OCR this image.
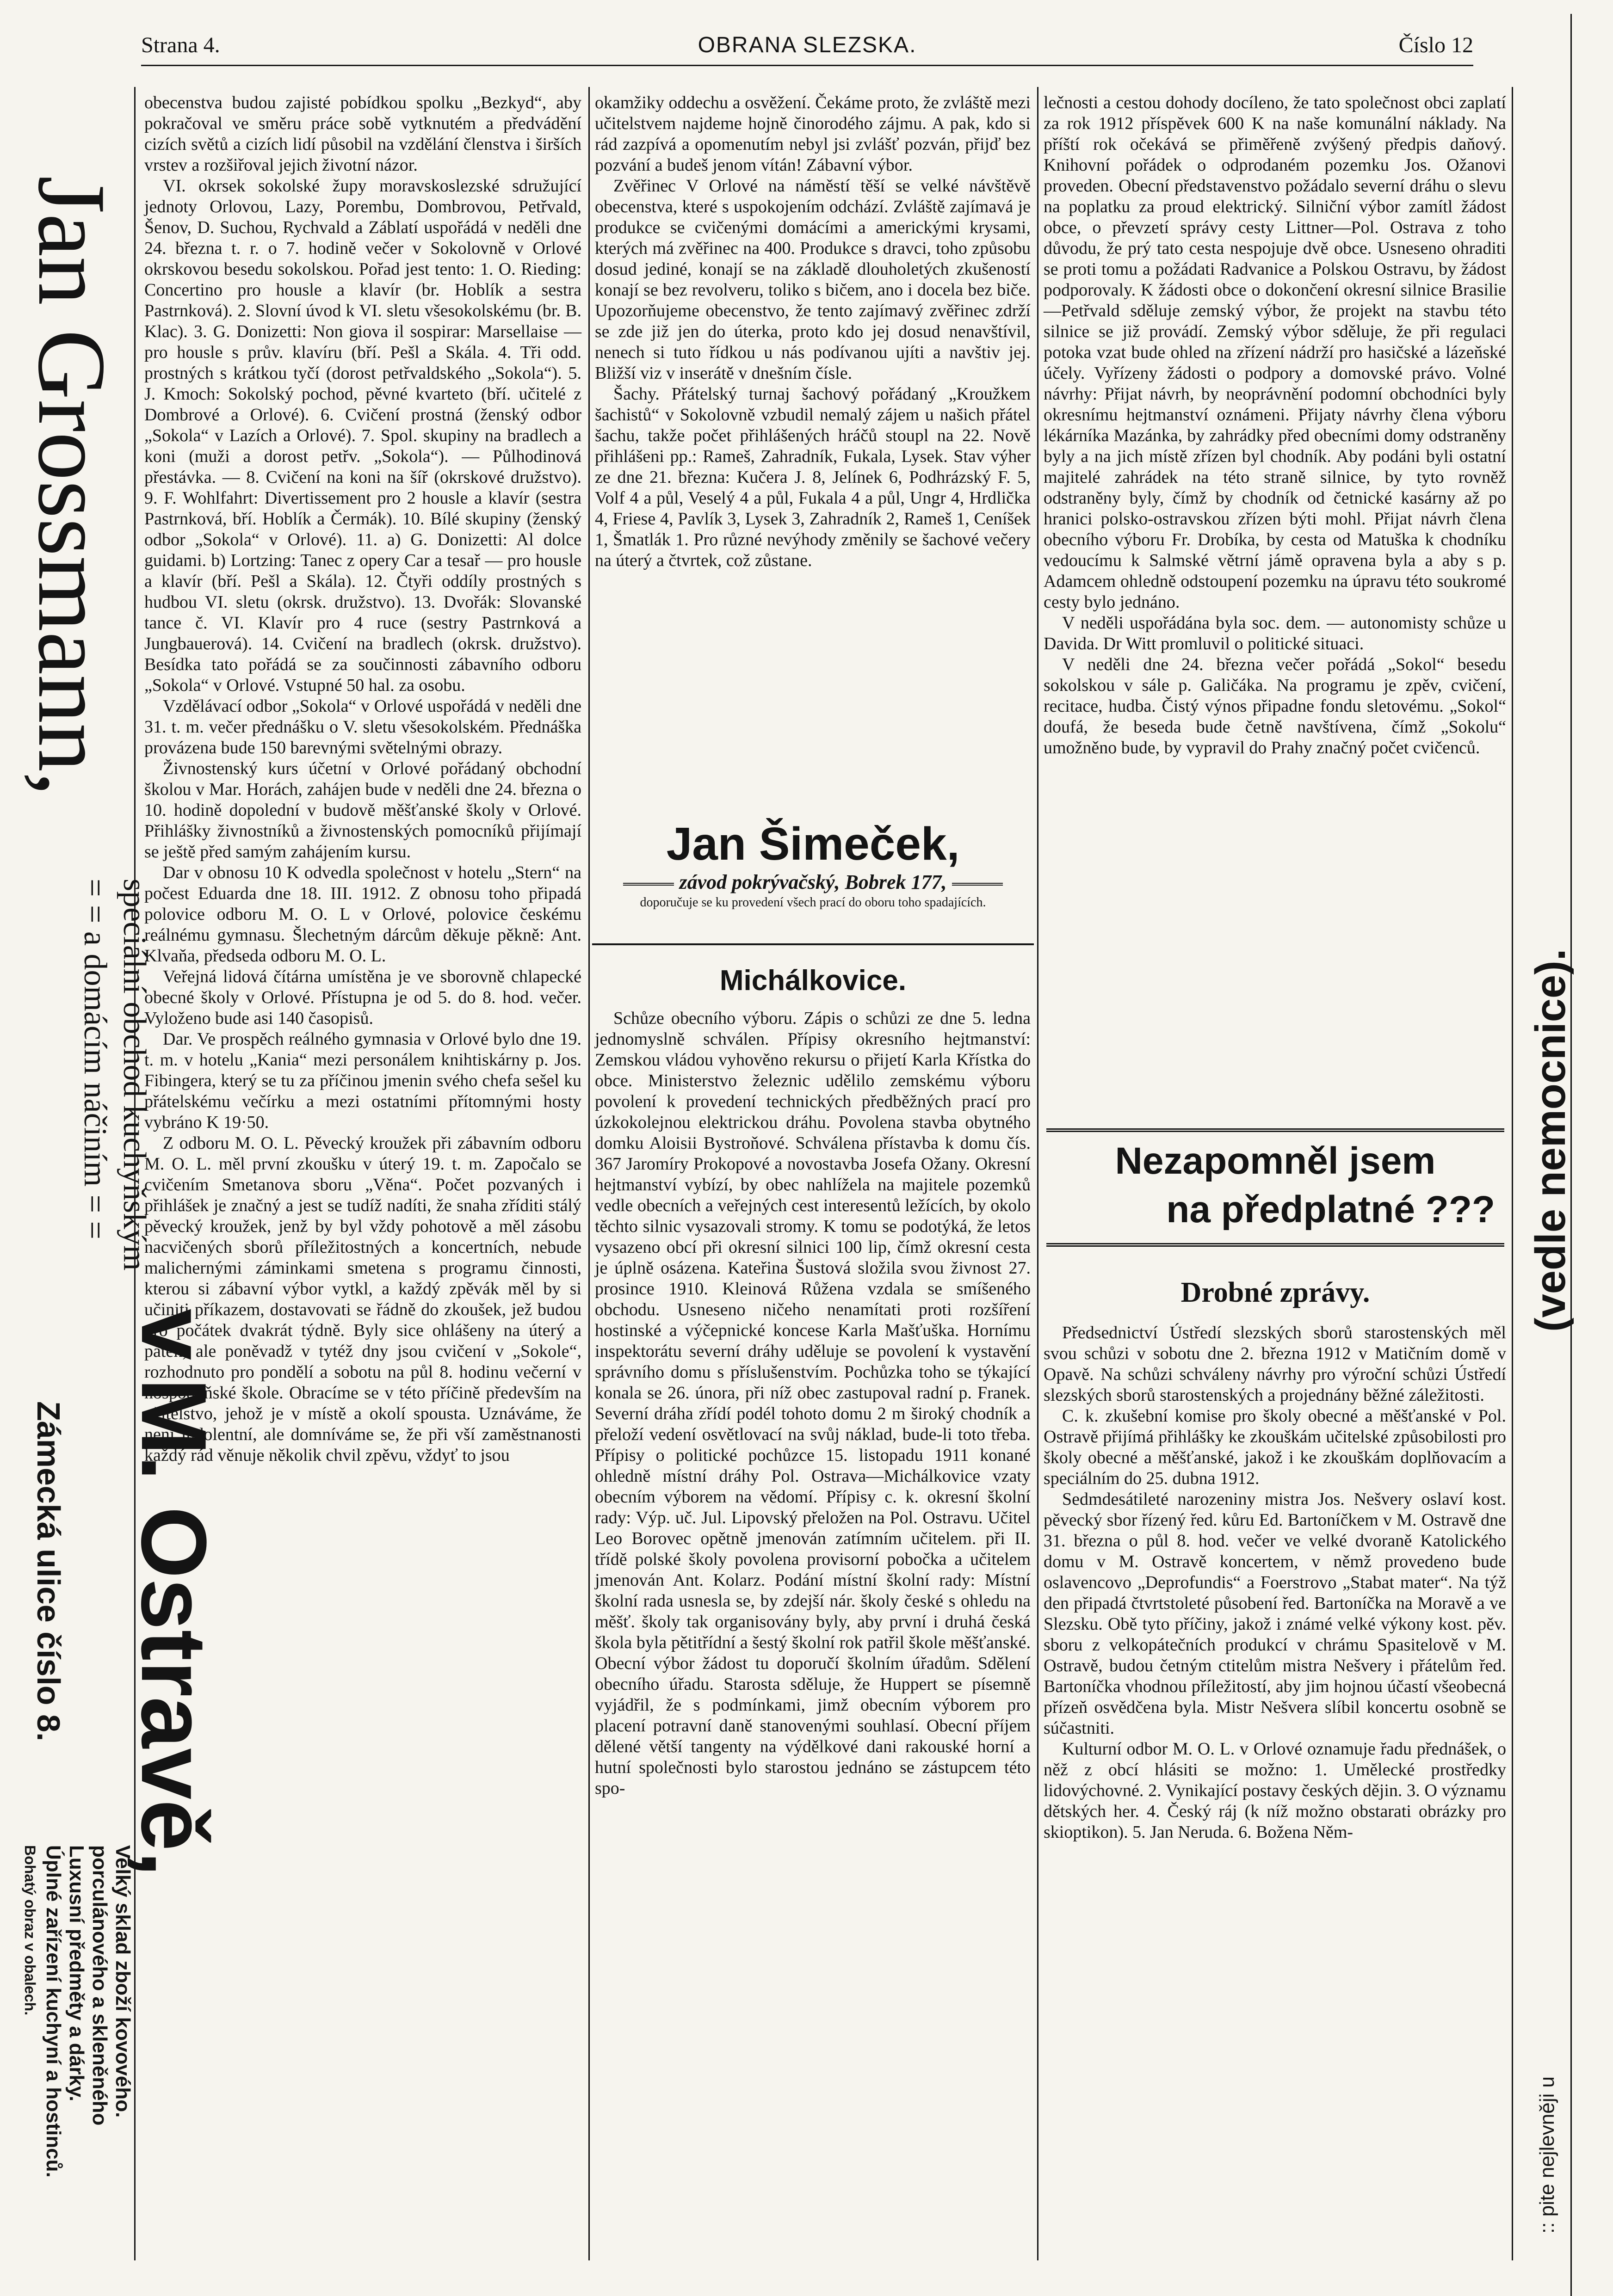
Strana 4.	OBRANA SLEZSKA.	Číslo 12
Jan Grossmann,
speciální obchod kuchyňským
= = a domácím náčiním = =
v
M. Ostravě,
Zámecká ulice číslo 8.
Velký sklad zboží kovového.
porculánového a skleněného
Luxusní předměty a dárky.
Úplné zařízení kuchyní a hostinců.
Bohatý obraz v obalech.
(vedle nemocnice).
:: pite nejlevněji u

obecenstva budou zajisté pobídkou spolku „Bezkyd“, aby pokračoval ve směru práce sobě vytknutém a předvádění cizích světů a cizích lidí působil na vzdělání členstva i širších vrstev a rozšiřoval jejich životní názor.

VI. okrsek sokolské župy moravskoslezské sdružující jednoty Orlovou, Lazy, Porembu, Dombrovou, Petřvald, Šenov, D. Suchou, Rychvald a Záblatí uspořádá v neděli dne 24. března t. r. o 7. hodině večer v Sokolovně v Orlové okrskovou besedu sokolskou. Pořad jest tento: 1. O. Rieding: Concertino pro housle a klavír (br. Hoblík a sestra Pastrnková). 2. Slovní úvod k VI. sletu všesokolskému (br. B. Klac). 3. G. Donizetti: Non giova il sospirar: Marsellaise — pro housle s prův. klavíru (bří. Pešl a Skála. 4. Tři odd. prostných s krátkou tyčí (dorost petřvaldského „Sokola“). 5. J. Kmoch: Sokolský pochod, pěvné kvarteto (bří. učitelé z Dombrové a Orlové). 6. Cvičení prostná (ženský odbor „Sokola“ v Lazích a Orlové). 7. Spol. skupiny na bradlech a koni (muži a dorost petřv. „Sokola“). — Půlhodinová přestávka. — 8. Cvičení na koni na šíř (okrskové družstvo). 9. F. Wohlfahrt: Divertissement pro 2 housle a klavír (sestra Pastrnková, bří. Hoblík a Čermák). 10. Bílé skupiny (ženský odbor „Sokola“ v Orlové). 11. a) G. Donizetti: Al dolce guidami. b) Lortzing: Tanec z opery Car a tesař — pro housle a klavír (bří. Pešl a Skála). 12. Čtyři oddíly prostných s hudbou VI. sletu (okrsk. družstvo). 13. Dvořák: Slovanské tance č. VI. Klavír pro 4 ruce (sestry Pastrnková a Jungbauerová). 14. Cvičení na bradlech (okrsk. družstvo). Besídka tato pořádá se za součinnosti zábavního odboru „Sokola“ v Orlové. Vstupné 50 hal. za osobu.

Vzdělávací odbor „Sokola“ v Orlové uspořádá v neděli dne 31. t. m. večer přednášku o V. sletu všesokolském. Přednáška provázena bude 150 barevnými světelnými obrazy.

Živnostenský kurs účetní v Orlové pořádaný obchodní školou v Mar. Horách, zahájen bude v neděli dne 24. března o 10. hodině dopolední v budově měšťanské školy v Orlové. Přihlášky živnostníků a živnostenských pomocníků přijímají se ještě před samým zahájením kursu.

Dar v obnosu 10 K odvedla společnost v hotelu „Stern“ na počest Eduarda dne 18. III. 1912. Z obnosu toho připadá polovice odboru M. O. L v Orlové, polovice českému reálnému gymnasu. Šlechetným dárcům děkuje pěkně: Ant. Klvaňa, předseda odboru M. O. L.

Veřejná lidová čítárna umístěna je ve sborovně chlapecké obecné školy v Orlové. Přístupna je od 5. do 8. hod. večer. Vyloženo bude asi 140 časopisů.

Dar. Ve prospěch reálného gymnasia v Orlové bylo dne 19. t. m. v hotelu „Kania“ mezi personálem knihtiskárny p. Jos. Fibingera, který se tu za příčinou jmenin svého chefa sešel ku přátelskému večírku a mezi ostatními přítomnými hosty vybráno K 19·50.

Z odboru M. O. L. Pěvecký kroužek při zábavním odboru M. O. L. měl první zkoušku v úterý 19. t. m. Započalo se cvičením Smetanova sboru „Věna“. Počet pozvaných i přihlášek je značný a jest se tudíž nadíti, že snaha zříditi stálý pěvecký kroužek, jenž by byl vždy pohotově a měl zásobu nacvičených sborů příležitostných a koncertních, nebude malichernými záminkami smetena s programu činnosti, kterou si zábavní výbor vytkl, a každý zpěvák měl by si učiniti příkazem, dostavovati se řádně do zkoušek, jež budou pro počátek dvakrát týdně. Byly sice ohlášeny na úterý a pátek, ale poněvadž v tytéž dny jsou cvičení v „Sokole“, rozhodnuto pro pondělí a sobotu na půl 8. hodinu večerní v hospodyňské škole. Obracíme se v této příčině především na učitelstvo, jehož je v místě a okolí spousta. Uznáváme, že není indolentní, ale domníváme se, že při vší zaměstnanosti každý rád věnuje několik chvil zpěvu, vždyť to jsou

okamžiky oddechu a osvěžení. Čekáme proto, že zvláště mezi učitelstvem najdeme hojně činorodého zájmu. A pak, kdo si rád zazpívá a opomenutím nebyl jsi zvlášť pozván, přijď bez pozvání a budeš jenom vítán! Zábavní výbor.

Zvěřinec V Orlové na náměstí těší se velké návštěvě obecenstva, které s uspokojením odchází. Zvláště zajímavá je produkce se cvičenými domácími a americkými krysami, kterých má zvěřinec na 400. Produkce s dravci, toho způsobu dosud jediné, konají se na základě dlouholetých zkušeností konají se bez revolveru, toliko s bičem, ano i docela bez biče. Upozorňujeme obecenstvo, že tento zajímavý zvěřinec zdrží se zde již jen do úterka, proto kdo jej dosud nenavštívil, nenech si tuto řídkou u nás podívanou ujíti a navštiv jej. Bližší viz v inserátě v dnešním čísle.

Šachy. Přátelský turnaj šachový pořádaný „Kroužkem šachistů“ v Sokolovně vzbudil nemalý zájem u našich přátel šachu, takže počet přihlášených hráčů stoupl na 22. Nově přihlášeni pp.: Rameš, Zahradník, Fukala, Lysek. Stav výher ze dne 21. března: Kučera J. 8, Jelínek 6, Podhrázský F. 5, Volf 4 a půl, Veselý 4 a půl, Fukala 4 a půl, Ungr 4, Hrdlička 4, Friese 4, Pavlík 3, Lysek 3, Zahradník 2, Rameš 1, Ceníšek 1, Šmatlák 1. Pro různé nevýhody změnily se šachové večery na úterý a čtvrtek, což zůstane.

Jan Šimeček,
závod pokrývačský, Bobrek 177,
doporučuje se ku provedení všech prací do oboru toho spadajících.
Michálkovice.

Schůze obecního výboru. Zápis o schůzi ze dne 5. ledna jednomyslně schválen. Přípisy okresního hejtmanství: Zemskou vládou vyhověno rekursu o přijetí Karla Křístka do obce. Ministerstvo železnic udělilo zemskému výboru povolení k provedení technických předběžných prací pro úzkokolejnou elektrickou dráhu. Povolena stavba obytného domku Aloisii Bystroňové. Schválena přístavba k domu čís. 367 Jaromíry Prokopové a novostavba Josefa Ožany. Okresní hejtmanství vybízí, by obec nahlížela na majitele pozemků vedle obecních a veřejných cest interesentů ležících, by okolo těchto silnic vysazovali stromy. K tomu se podotýká, že letos vysazeno obcí při okresní silnici 100 lip, čímž okresní cesta je úplně osázena. Kateřina Šustová složila svou živnost 27. prosince 1910. Kleinová Růžena vzdala se smíšeného obchodu. Usneseno ničeho nenamítati proti rozšíření hostinské a výčepnické koncese Karla Mašťuška. Hornímu inspektorátu severní dráhy uděluje se povolení k vystavění správního domu s příslušenstvím. Pochůzka toho se týkající konala se 26. února, při níž obec zastupoval radní p. Franek. Severní dráha zřídí podél tohoto domu 2 m široký chodník a přeloží vedení osvětlovací na svůj náklad, bude-li toto třeba. Přípisy o politické pochůzce 15. listopadu 1911 konané ohledně místní dráhy Pol. Ostrava—Michálkovice vzaty obecním výborem na vědomí. Přípisy c. k. okresní školní rady: Výp. uč. Jul. Lipovský přeložen na Pol. Ostravu. Učitel Leo Borovec opětně jmenován zatímním učitelem. při II. třídě polské školy povolena provisorní pobočka a učitelem jmenován Ant. Kolarz. Podání místní školní rady: Místní školní rada usnesla se, by zdejší nár. školy české s ohledu na měšť. školy tak organisovány byly, aby první i druhá česká škola byla pětitřídní a šestý školní rok patřil škole měšťanské. Obecní výbor žádost tu doporučí školním úřadům. Sdělení obecního úřadu. Starosta sděluje, že Huppert se písemně vyjádřil, že s podmínkami, jimž obecním výborem pro placení potravní daně stanovenými souhlasí. Obecní příjem dělené větší tangenty na výdělkové dani rakouské horní a hutní společnosti bylo starostou jednáno se zástupcem této spo-

lečnosti a cestou dohody docíleno, že tato společnost obci zaplatí za rok 1912 příspěvek 600 K na naše komunální náklady. Na příští rok očekává se přiměřeně zvýšený předpis daňový. Knihovní pořádek o odprodaném pozemku Jos. Ožanovi proveden. Obecní představenstvo požádalo severní dráhu o slevu na poplatku za proud elektrický. Silniční výbor zamítl žádost obce, o převzetí správy cesty Littner—Pol. Ostrava z toho důvodu, že prý tato cesta nespojuje dvě obce. Usneseno ohraditi se proti tomu a požádati Radvanice a Polskou Ostravu, by žádost podporovaly. K žádosti obce o dokončení okresní silnice Brasilie—Petřvald sděluje zemský výbor, že projekt na stavbu této silnice se již provádí. Zemský výbor sděluje, že při regulaci potoka vzat bude ohled na zřízení nádrží pro hasičské a lázeňské účely. Vyřízeny žádosti o podpory a domovské právo. Volné návrhy: Přijat návrh, by neoprávnění podomní obchodníci byly okresnímu hejtmanství oznámeni. Přijaty návrhy člena výboru lékárníka Mazánka, by zahrádky před obecními domy odstraněny byly a na jich místě zřízen byl chodník. Aby podáni byli ostatní majitelé zahrádek na této straně silnice, by tyto rovněž odstraněny byly, čímž by chodník od četnické kasárny až po hranici polsko-ostravskou zřízen býti mohl. Přijat návrh člena obecního výboru Fr. Drobíka, by cesta od Matuška k chodníku vedoucímu k Salmské větrní jámě opravena byla a aby s p. Adamcem ohledně odstoupení pozemku na úpravu této soukromé cesty bylo jednáno.

V neděli uspořádána byla soc. dem. — autonomisty schůze u Davida. Dr Witt promluvil o politické situaci.

V neděli dne 24. března večer pořádá „Sokol“ besedu sokolskou v sále p. Galičáka. Na programu je zpěv, cvičení, recitace, hudba. Čistý výnos připadne fondu sletovému. „Sokol“ doufá, že beseda bude četně navštívena, čímž „Sokolu“ umožněno bude, by vypravil do Prahy značný počet cvičenců.

Nezapomněl jsem
na předplatné ???
Drobné zprávy.

Předsednictví Ústředí slezských sborů starostenských měl svou schůzi v sobotu dne 2. března 1912 v Matičním domě v Opavě. Na schůzi schváleny návrhy pro výroční schůzi Ústředí slezských sborů starostenských a projednány běžné záležitosti.

C. k. zkušební komise pro školy obecné a měšťanské v Pol. Ostravě přijímá přihlášky ke zkouškám učitelské způsobilosti pro školy obecné a měšťanské, jakož i ke zkouškám doplňovacím a speciálním do 25. dubna 1912.

Sedmdesátileté narozeniny mistra Jos. Nešvery oslaví kost. pěvecký sbor řízený řed. kůru Ed. Bartoníčkem v M. Ostravě dne 31. března o půl 8. hod. večer ve velké dvoraně Katolického domu v M. Ostravě koncertem, v němž provedeno bude oslavencovo „Deprofundis“ a Foerstrovo „Stabat mater“. Na týž den připadá čtvrtstoleté působení řed. Bartoníčka na Moravě a ve Slezsku. Obě tyto příčiny, jakož i známé velké výkony kost. pěv. sboru z velkopátečních produkcí v chrámu Spasitelově v M. Ostravě, budou četným ctitelům mistra Nešvery i přátelům řed. Bartoníčka vhodnou příležitostí, aby jim hojnou účastí všeobecná přízeň osvědčena byla. Mistr Nešvera slíbil koncertu osobně se súčastniti.

Kulturní odbor M. O. L. v Orlové oznamuje řadu přednášek, o něž z obcí hlásiti se možno: 1. Umělecké prostředky lidovýchovné. 2. Vynikající postavy českých dějin. 3. O významu dětských her. 4. Český ráj (k níž možno obstarati obrázky pro skioptikon). 5. Jan Neruda. 6. Božena Něm-
